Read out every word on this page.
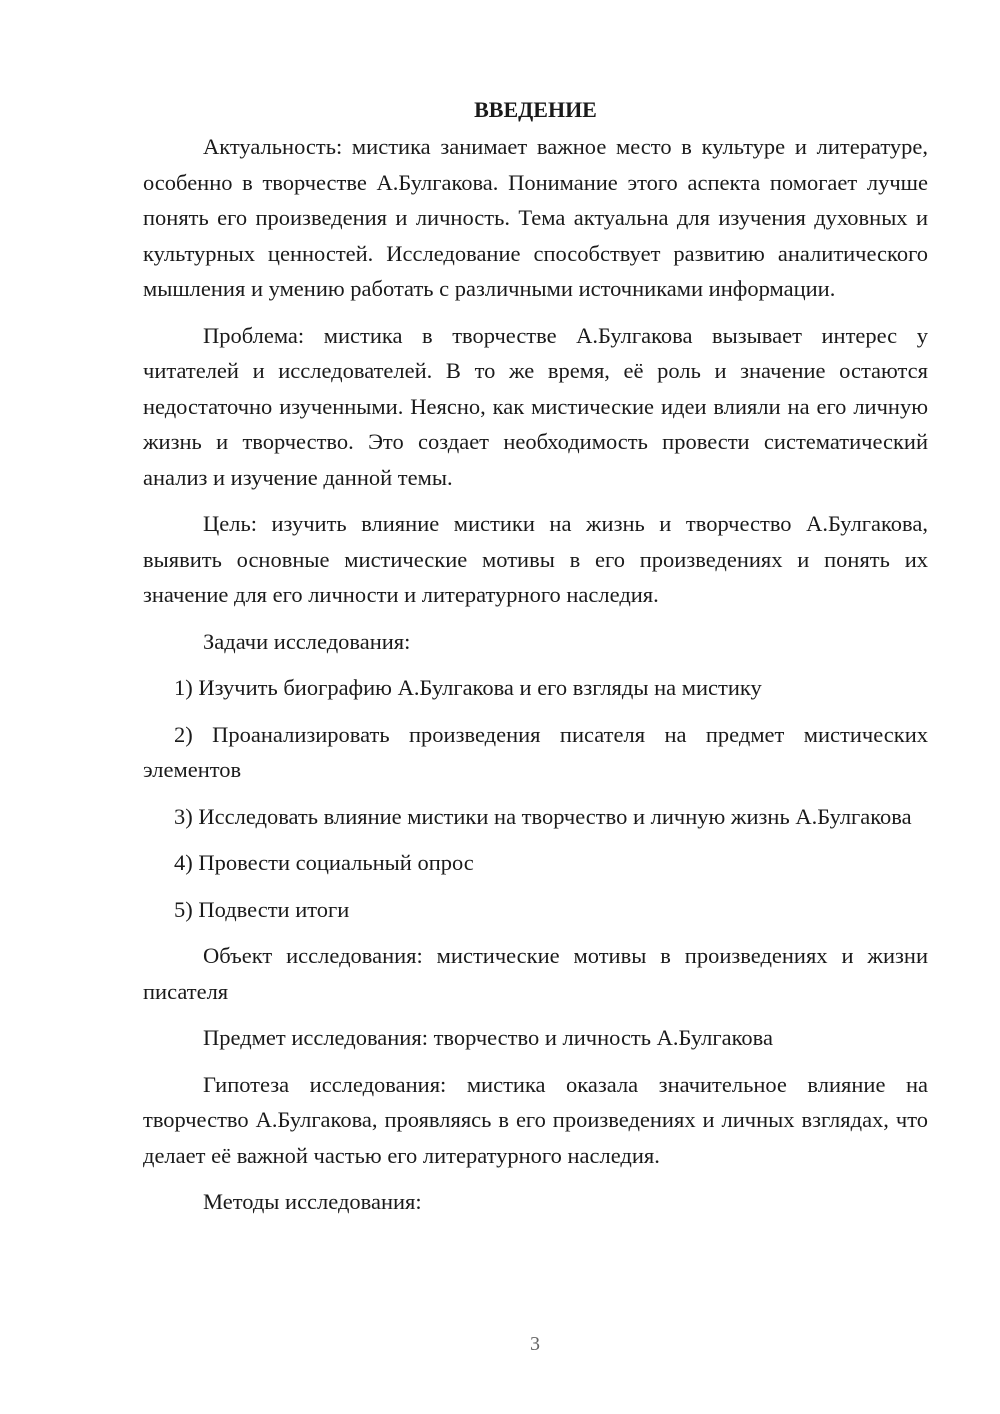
ВВЕДЕНИЕ

Актуальность: мистика занимает важное место в культуре и литературе, особенно в творчестве А.Булгакова. Понимание этого аспекта помогает лучше понять его произведения и личность. Тема актуальна для изучения духовных и культурных ценностей. Исследование способствует развитию аналитического мышления и умению работать с различными источниками информации.

Проблема: мистика в творчестве А.Булгакова вызывает интерес у читателей и исследователей. В то же время, её роль и значение остаются недостаточно изученными. Неясно, как мистические идеи влияли на его личную жизнь и творчество. Это создает необходимость провести систематический анализ и изучение данной темы.

Цель: изучить влияние мистики на жизнь и творчество А.Булгакова, выявить основные мистические мотивы в его произведениях и понять их значение для его личности и литературного наследия.

Задачи исследования:

1) Изучить биографию А.Булгакова и его взгляды на мистику

2) Проанализировать произведения писателя на предмет мистических элементов

3) Исследовать влияние мистики на творчество и личную жизнь А.Булгакова

4) Провести социальный опрос

5) Подвести итоги

Объект исследования: мистические мотивы в произведениях и жизни писателя

Предмет исследования: творчество и личность А.Булгакова

Гипотеза исследования: мистика оказала значительное влияние на творчество А.Булгакова, проявляясь в его произведениях и личных взглядах, что делает её важной частью его литературного наследия.

Методы исследования:

3
